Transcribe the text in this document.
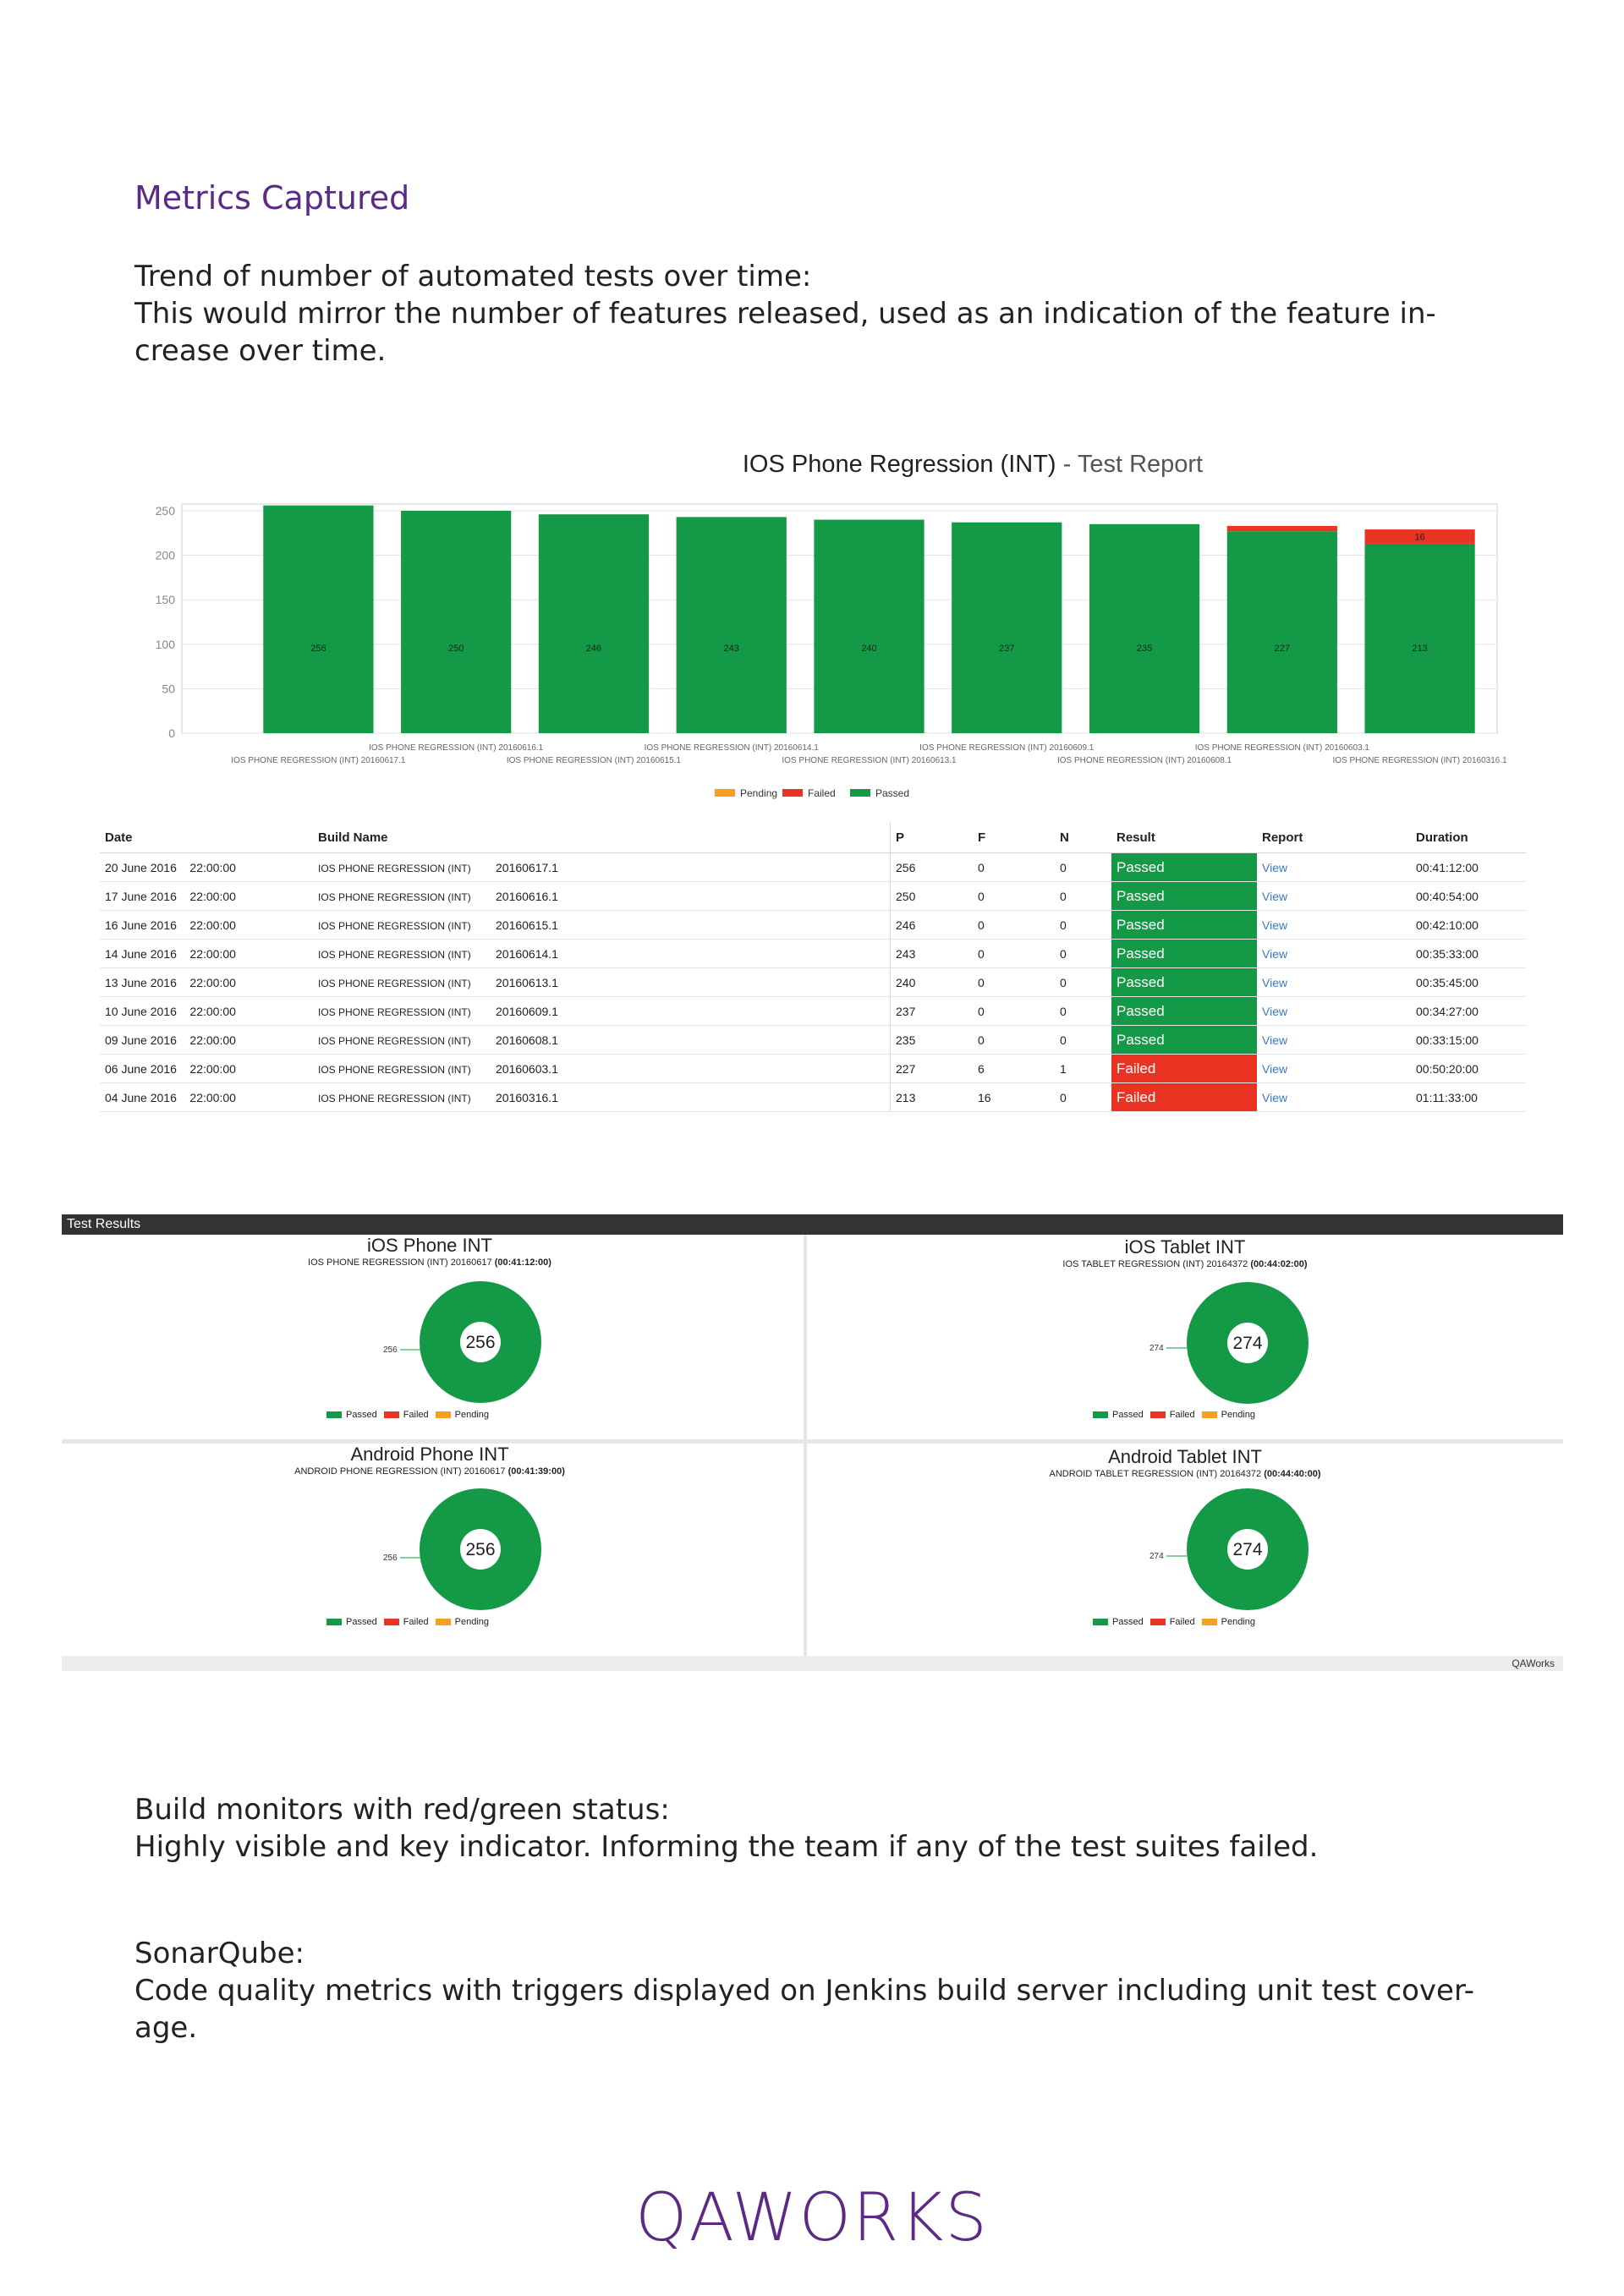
Metrics Captured
Trend of number of automated tests over time:
This would mirror the number of features released, used as an indication of the feature in-
crease over time.
IOS Phone Regression (INT) - Test Report
0
50
100
150
200
250
256	250	246	243	240	237	235	227
16
213
IOS PHONE REGRESSION (INT) 20160617.1
IOS PHONE REGRESSION (INT) 20160616.1
IOS PHONE REGRESSION (INT) 20160615.1
IOS PHONE REGRESSION (INT) 20160614.1
IOS PHONE REGRESSION (INT) 20160613.1
IOS PHONE REGRESSION (INT) 20160609.1
IOS PHONE REGRESSION (INT) 20160608.1
IOS PHONE REGRESSION (INT) 20160603.1
IOS PHONE REGRESSION (INT) 20160316.1
Pending	Failed	Passed
Date	Build Name	P	F	N	Result	Report	Duration
20 June 2016 22:00:00	IOS PHONE REGRESSION (INT) 20160617.1	256	0	0	Passed	View	00:41:12:00
17 June 2016 22:00:00	IOS PHONE REGRESSION (INT) 20160616.1	250	0	0	Passed	View	00:40:54:00
16 June 2016 22:00:00	IOS PHONE REGRESSION (INT) 20160615.1	246	0	0	Passed	View	00:42:10:00
14 June 2016 22:00:00	IOS PHONE REGRESSION (INT) 20160614.1	243	0	0	Passed	View	00:35:33:00
13 June 2016 22:00:00	IOS PHONE REGRESSION (INT) 20160613.1	240	0	0	Passed	View	00:35:45:00
10 June 2016 22:00:00	IOS PHONE REGRESSION (INT) 20160609.1	237	0	0	Passed	View	00:34:27:00
09 June 2016 22:00:00	IOS PHONE REGRESSION (INT) 20160608.1	235	0	0	Passed	View	00:33:15:00
06 June 2016 22:00:00	IOS PHONE REGRESSION (INT) 20160603.1	227	6	1	Failed	View	00:50:20:00
04 June 2016 22:00:00	IOS PHONE REGRESSION (INT) 20160316.1	213	16	0	Failed	View	01:11:33:00
Test Results
iOS Phone INT
IOS PHONE REGRESSION (INT) 20160617 (00:41:12:00)
256
256
Passed	Failed	Pending
iOS Tablet INT
IOS TABLET REGRESSION (INT) 20164372 (00:44:02:00)
274
274
Passed	Failed	Pending
Android Phone INT
ANDROID PHONE REGRESSION (INT) 20160617 (00:41:39:00)
256
256
Passed	Failed	Pending
Android Tablet INT
ANDROID TABLET REGRESSION (INT) 20164372 (00:44:40:00)
274
274
Passed	Failed	Pending
QAWorks
Build monitors with red/green status:
Highly visible and key indicator. Informing the team if any of the test suites failed.
SonarQube:
Code quality metrics with triggers displayed on Jenkins build server including unit test cover-
age.
QAWORKS
